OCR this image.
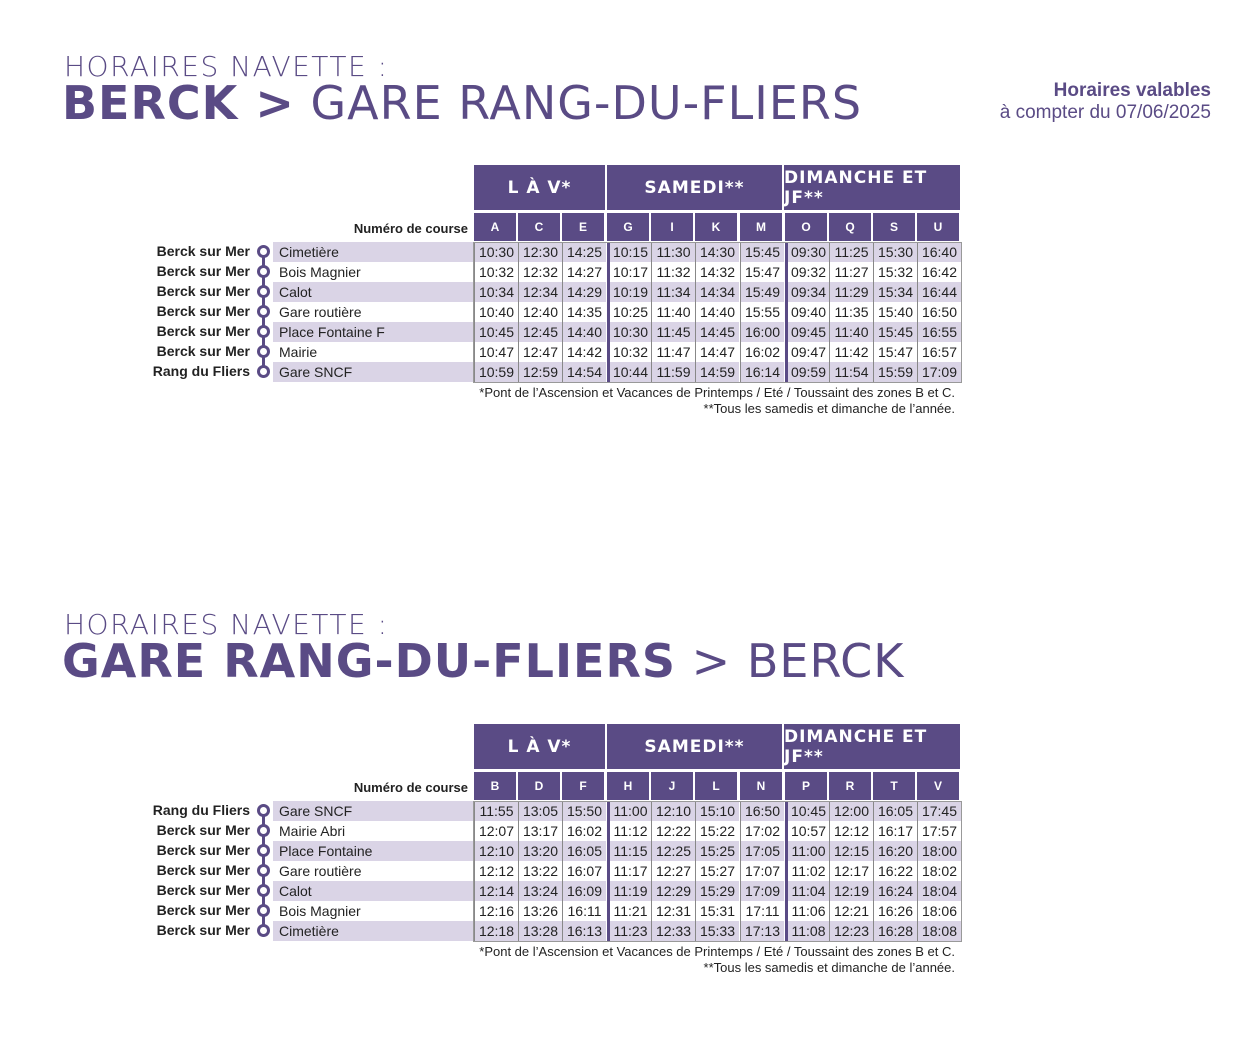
Horaires valables
à compter du 07/06/2025
HORAIRES NAVETTE :
BERCK > GARE RANG-DU-FLIERS
HORAIRES NAVETTE :
GARE RANG-DU-FLIERS > BERCK
L À V*	SAMEDI**	DIMANCHE ET JF**
Numéro de course	A	C	E	G	I	K	M	O	Q	S	U
Berck sur Mer	Cimetière	10:30 12:30 14:25 10:15 11:30 14:30 15:45 09:30 11:25 15:30 16:40
Berck sur Mer	Bois Magnier	10:32 12:32 14:27 10:17 11:32 14:32 15:47 09:32 11:27 15:32 16:42
Berck sur Mer	Calot	10:34 12:34 14:29 10:19 11:34 14:34 15:49 09:34 11:29 15:34 16:44
Berck sur Mer	Gare routière	10:40 12:40 14:35 10:25 11:40 14:40 15:55 09:40 11:35 15:40 16:50
Berck sur Mer	Place Fontaine F	10:45 12:45 14:40 10:30 11:45 14:45 16:00 09:45 11:40 15:45 16:55
Berck sur Mer	Mairie	10:47 12:47 14:42 10:32 11:47 14:47 16:02 09:47 11:42 15:47 16:57
Rang du Fliers	Gare SNCF	10:59 12:59 14:54 10:44 11:59 14:59 16:14 09:59 11:54 15:59 17:09
*Pont de l’Ascension et Vacances de Printemps / Eté / Toussaint des zones B et C.
**Tous les samedis et dimanche de l’année.
L À V*	SAMEDI**	DIMANCHE ET JF**
Numéro de course	B	D	F	H	J	L	N	P	R	T	V
Rang du Fliers	Gare SNCF	11:55 13:05 15:50 11:00 12:10 15:10 16:50 10:45 12:00 16:05 17:45
Berck sur Mer	Mairie Abri	12:07 13:17 16:02 11:12 12:22 15:22 17:02 10:57 12:12 16:17 17:57
Berck sur Mer	Place Fontaine	12:10 13:20 16:05 11:15 12:25 15:25 17:05 11:00 12:15 16:20 18:00
Berck sur Mer	Gare routière	12:12 13:22 16:07 11:17 12:27 15:27 17:07 11:02 12:17 16:22 18:02
Berck sur Mer	Calot	12:14 13:24 16:09 11:19 12:29 15:29 17:09 11:04 12:19 16:24 18:04
Berck sur Mer	Bois Magnier	12:16 13:26 16:11 11:21 12:31 15:31 17:11 11:06 12:21 16:26 18:06
Berck sur Mer	Cimetière	12:18 13:28 16:13 11:23 12:33 15:33 17:13 11:08 12:23 16:28 18:08
*Pont de l’Ascension et Vacances de Printemps / Eté / Toussaint des zones B et C.
**Tous les samedis et dimanche de l’année.
